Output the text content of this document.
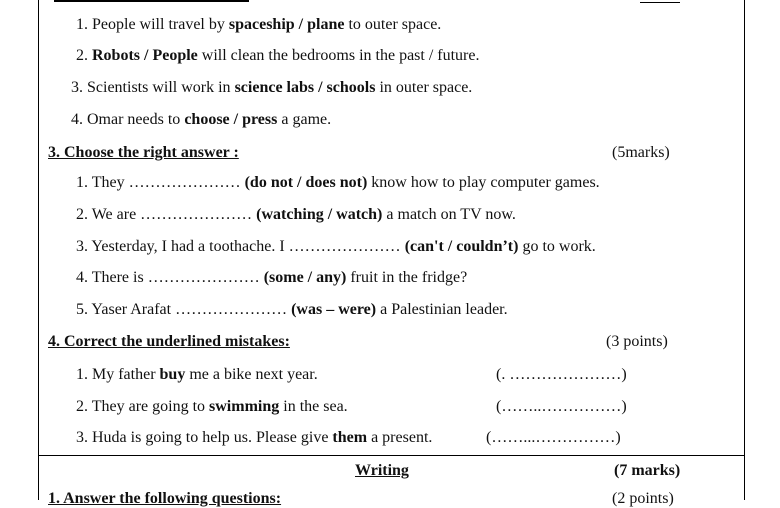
1. People will travel by spaceship / plane to outer space.
2. Robots / People will clean the bedrooms in the past / future.
3. Scientists will work in science labs / schools in outer space.
4. Omar needs to choose / press a game.
3. Choose the right answer :	(5marks)
1. They ………………… (do not / does not) know how to play computer games.
2. We are ………………… (watching / watch) a match on TV now.
3. Yesterday, I had a toothache. I ………………… (can't / couldn’t) go to work.
4. There is ………………… (some / any) fruit in the fridge?
5. Yaser Arafat ………………… (was – were) a Palestinian leader.
4. Correct the underlined mistakes:	(3 points)
1. My father buy me a bike next year.	(. …………………)
2. They are going to swimming in the sea.	(……..……………)
3. Huda is going to help us. Please give them a present.	(……...……………)
Writing	(7 marks)
1. Answer the following questions:	(2 points)
